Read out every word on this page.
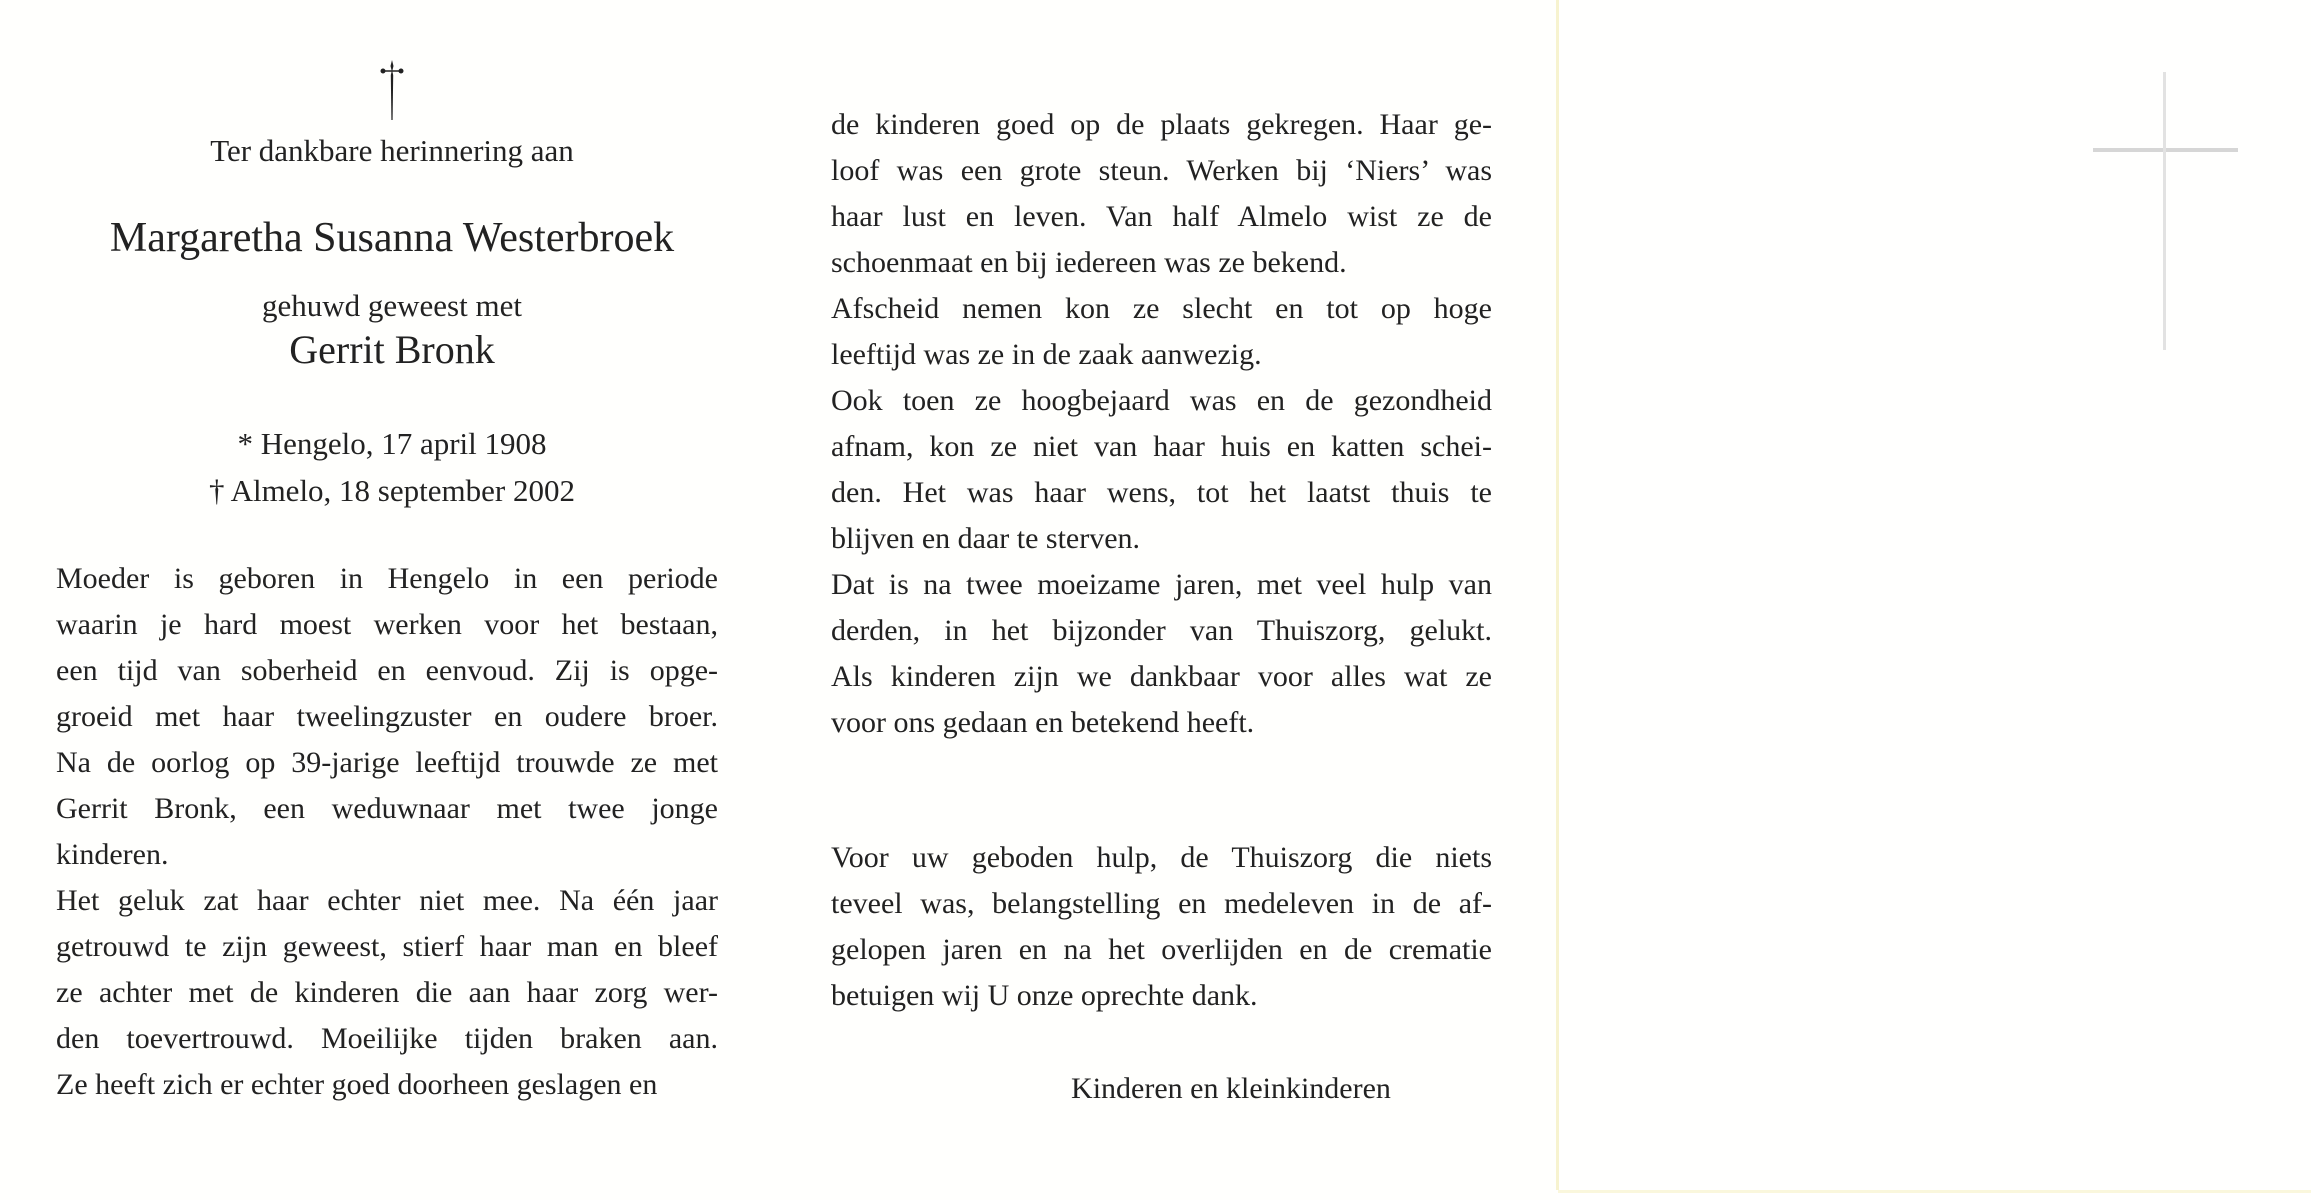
Ter dankbare herinnering aan
Margaretha Susanna Westerbroek
gehuwd geweest met
Gerrit Bronk
* Hengelo, 17 april 1908
† Almelo, 18 september 2002
Moeder is geboren in Hengelo in een periode
waarin je hard moest werken voor het bestaan,
een tijd van soberheid en eenvoud. Zij is opge-
groeid met haar tweelingzuster en oudere broer.
Na de oorlog op 39-jarige leeftijd trouwde ze met
Gerrit Bronk, een weduwnaar met twee jonge
kinderen.
Het geluk zat haar echter niet mee. Na één jaar
getrouwd te zijn geweest, stierf haar man en bleef
ze achter met de kinderen die aan haar zorg wer-
den toevertrouwd. Moeilijke tijden braken aan.
Ze heeft zich er echter goed doorheen geslagen en
de kinderen goed op de plaats gekregen. Haar ge-
loof was een grote steun. Werken bij ‘Niers’ was
haar lust en leven. Van half Almelo wist ze de
schoenmaat en bij iedereen was ze bekend.
Afscheid nemen kon ze slecht en tot op hoge
leeftijd was ze in de zaak aanwezig.
Ook toen ze hoogbejaard was en de gezondheid
afnam, kon ze niet van haar huis en katten schei-
den. Het was haar wens, tot het laatst thuis te
blijven en daar te sterven.
Dat is na twee moeizame jaren, met veel hulp van
derden, in het bijzonder van Thuiszorg, gelukt.
Als kinderen zijn we dankbaar voor alles wat ze
voor ons gedaan en betekend heeft.
Voor uw geboden hulp, de Thuiszorg die niets
teveel was, belangstelling en medeleven in de af-
gelopen jaren en na het overlijden en de crematie
betuigen wij U onze oprechte dank.
Kinderen en kleinkinderen
